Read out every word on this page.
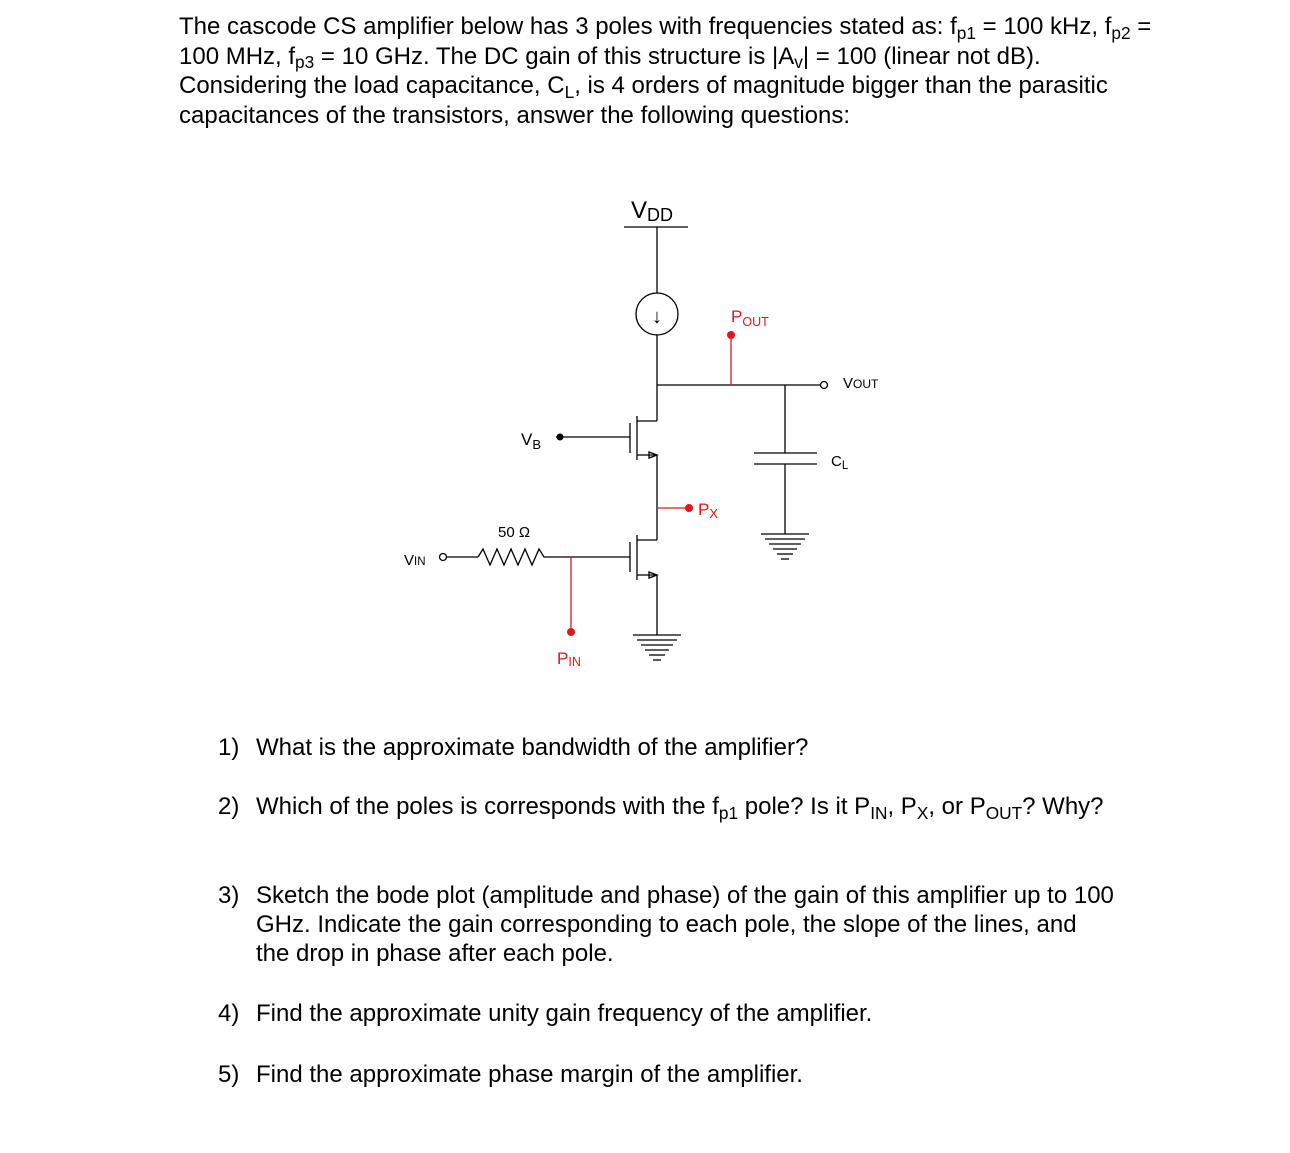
The cascode CS amplifier below has 3 poles with frequencies stated as: $f_{p1} = 100$ kHz, $f_{p2} = 100$ MHz, $f_{p3} = 10$ GHz. The DC gain of this structure is $|A_v| = 100$ (linear not dB). Considering the load capacitance, $C_L$, is 4 orders of magnitude bigger than the parasitic capacitances of the transistors, answer the following questions:

↓
VDD
$P_{OUT}$
VOUT
$V_B$
$C_L$
PX
50 Ω
VIN
PIN
1) What is the approximate bandwidth of the amplifier?
2) Which of the poles is corresponds with the $f_{p1}$ pole? Is it $P_{IN}$, $P_X$, or $P_{OUT}$? Why?
3) Sketch the bode plot (amplitude and phase) of the gain of this amplifier up to 100 GHz. Indicate the gain corresponding to each pole, the slope of the lines, and the drop in phase after each pole.
4) Find the approximate unity gain frequency of the amplifier.
5) Find the approximate phase margin of the amplifier.
